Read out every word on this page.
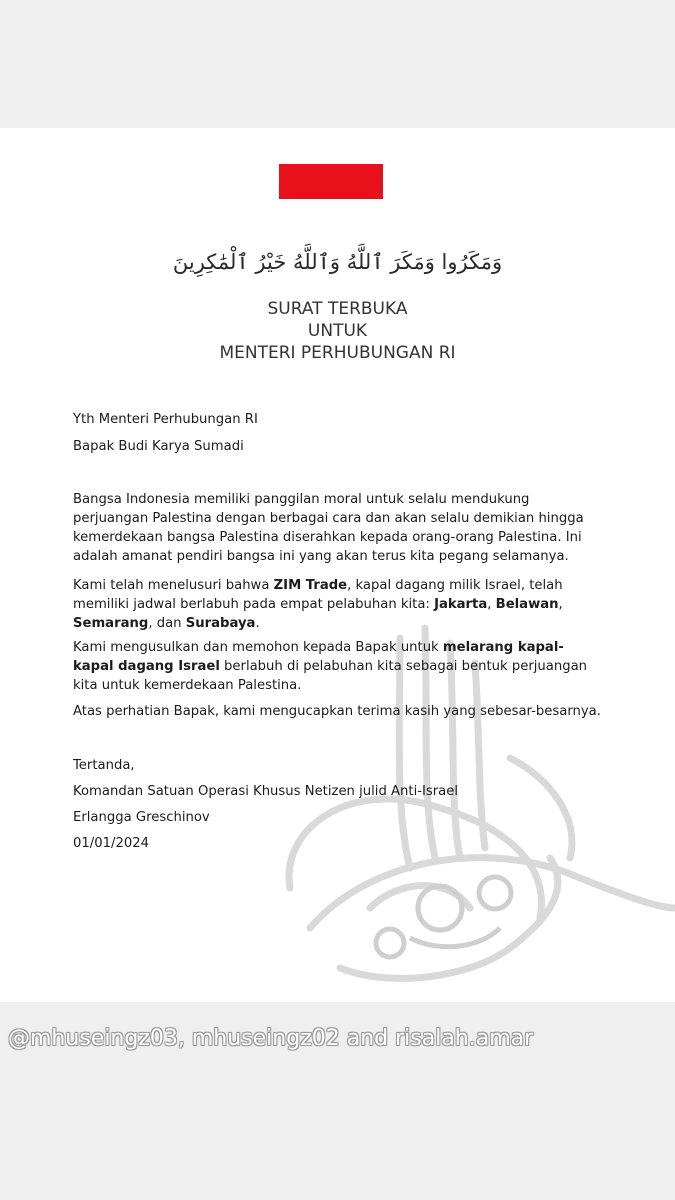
وَمَكَرُوا وَمَكَرَ ٱللَّهُ وَٱللَّهُ خَيْرُ ٱلْمَٰكِرِينَ
SURAT TERBUKA
UNTUK
MENTERI PERHUBUNGAN RI
Yth Menteri Perhubungan RI
Bapak Budi Karya Sumadi
Bangsa Indonesia memiliki panggilan moral untuk selalu mendukung perjuangan Palestina dengan berbagai cara dan akan selalu demikian hingga kemerdekaan bangsa Palestina diserahkan kepada orang-orang Palestina. Ini adalah amanat pendiri bangsa ini yang akan terus kita pegang selamanya.
Kami telah menelusuri bahwa ZIM Trade, kapal dagang milik Israel, telah memiliki jadwal berlabuh pada empat pelabuhan kita: Jakarta, Belawan, Semarang, dan Surabaya.
Kami mengusulkan dan memohon kepada Bapak untuk melarang kapal-kapal dagang Israel berlabuh di pelabuhan kita sebagai bentuk perjuangan kita untuk kemerdekaan Palestina.
Atas perhatian Bapak, kami mengucapkan terima kasih yang sebesar-besarnya.
Tertanda,
Komandan Satuan Operasi Khusus Netizen julid Anti-Israel
Erlangga Greschinov
01/01/2024
@mhuseingz03, mhuseingz02 and risalah.amar
